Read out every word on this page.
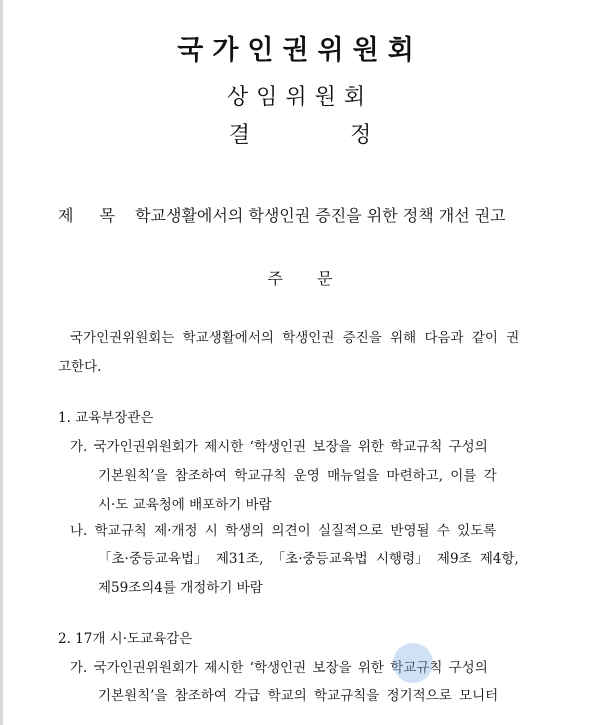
국가인권위원회
상임위원회
결	정
제 목 학교생활에서의 학생인권 증진을 위한 정책 개선 권고
주 문
국가인권위원회는 학교생활에서의 학생인권 증진을 위해 다음과 같이 권
고한다.
1. 교육부장관은
가. 국가인권위원회가 제시한 ‘학생인권 보장을 위한 학교규칙 구성의
기본원칙’을 참조하여 학교규칙 운영 매뉴얼을 마련하고, 이를 각
시·도 교육청에 배포하기 바람
나. 학교규칙 제·개정 시 학생의 의견이 실질적으로 반영될 수 있도록
「초·중등교육법」 제31조, 「초·중등교육법 시행령」 제9조 제4항,
제59조의4를 개정하기 바람
2. 17개 시·도교육감은
가. 국가인권위원회가 제시한 ‘학생인권 보장을 위한 학교규칙 구성의
기본원칙’을 참조하여 각급 학교의 학교규칙을 정기적으로 모니터
